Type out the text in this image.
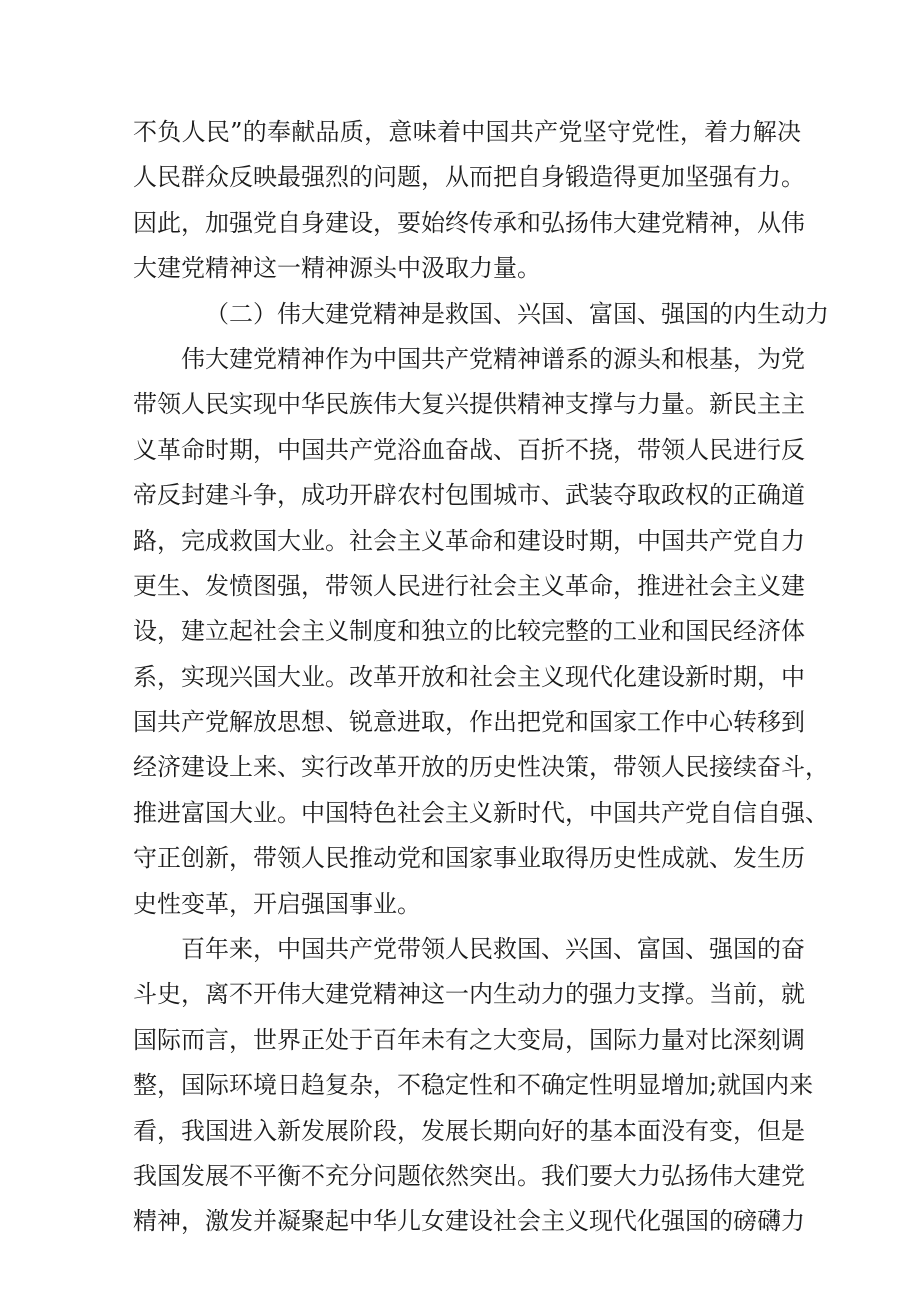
不负人民”的奉献品质，意味着中国共产党坚守党性，着力解决
人民群众反映最强烈的问题，从而把自身锻造得更加坚强有力。
因此，加强党自身建设，要始终传承和弘扬伟大建党精神，从伟
大建党精神这一精神源头中汲取力量。
（二）伟大建党精神是救国、兴国、富国、强国的内生动力
伟大建党精神作为中国共产党精神谱系的源头和根基，为党
带领人民实现中华民族伟大复兴提供精神支撑与力量。新民主主
义革命时期，中国共产党浴血奋战、百折不挠，带领人民进行反
帝反封建斗争，成功开辟农村包围城市、武装夺取政权的正确道
路，完成救国大业。社会主义革命和建设时期，中国共产党自力
更生、发愤图强，带领人民进行社会主义革命，推进社会主义建
设，建立起社会主义制度和独立的比较完整的工业和国民经济体
系，实现兴国大业。改革开放和社会主义现代化建设新时期，中
国共产党解放思想、锐意进取，作出把党和国家工作中心转移到
经济建设上来、实行改革开放的历史性决策，带领人民接续奋斗，
推进富国大业。中国特色社会主义新时代，中国共产党自信自强、
守正创新，带领人民推动党和国家事业取得历史性成就、发生历
史性变革，开启强国事业。
百年来，中国共产党带领人民救国、兴国、富国、强国的奋
斗史，离不开伟大建党精神这一内生动力的强力支撑。当前，就
国际而言，世界正处于百年未有之大变局，国际力量对比深刻调
整，国际环境日趋复杂，不稳定性和不确定性明显增加;就国内来
看，我国进入新发展阶段，发展长期向好的基本面没有变，但是
我国发展不平衡不充分问题依然突出。我们要大力弘扬伟大建党
精神，激发并凝聚起中华儿女建设社会主义现代化强国的磅礴力
